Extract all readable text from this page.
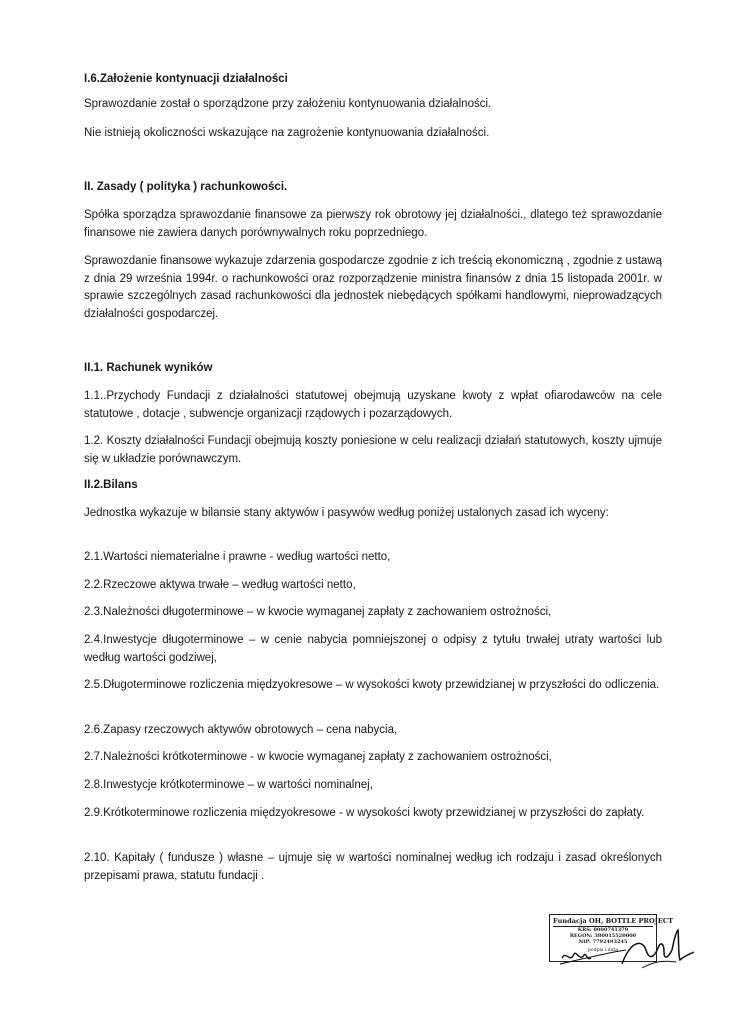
I.6.Założenie kontynuacji działalności
Sprawozdanie został o sporządzone przy założeniu kontynuowania działalności.
Nie istnieją okoliczności wskazujące na zagrożenie kontynuowania działalności.
II. Zasady ( polityka ) rachunkowości.
Spółka sporządza sprawozdanie finansowe za pierwszy rok obrotowy jej działalności., dlatego też sprawozdanie finansowe nie zawiera danych porównywalnych roku poprzedniego.
Sprawozdanie finansowe wykazuje zdarzenia gospodarcze zgodnie z ich treścią ekonomiczną , zgodnie z ustawą z dnia 29 września 1994r. o rachunkowości oraz rozporządzenie ministra finansów z dnia 15 listopada 2001r. w sprawie szczególnych zasad rachunkowości dla jednostek niebędących spółkami handlowymi, nieprowadzących działalności gospodarczej.
II.1. Rachunek wyników
1.1..Przychody Fundacji z działalności statutowej obejmują uzyskane kwoty z wpłat ofiarodawców na cele statutowe , dotacje , subwencje organizacji rządowych i pozarządowych.
1.2. Koszty działalności Fundacji obejmują koszty poniesione w celu realizacji działań statutowych, koszty ujmuje się w układzie porównawczym.
II.2.Bilans
Jednostka wykazuje w bilansie stany aktywów i pasywów według poniżej ustalonych zasad ich wyceny:
2.1.Wartości niematerialne i prawne - według wartości netto,
2.2.Rzeczowe aktywa trwałe – według wartości netto,
2.3.Należności długoterminowe – w kwocie wymaganej zapłaty z zachowaniem ostrożności,
2.4.Inwestycje długoterminowe – w cenie nabycia pomniejszonej o odpisy z tytułu trwałej utraty wartości lub według wartości godziwej,
2.5.Długoterminowe rozliczenia międzyokresowe – w wysokości kwoty przewidzianej w przyszłości do odliczenia.
2.6.Zapasy rzeczowych aktywów obrotowych – cena nabycia,
2.7.Należności krótkoterminowe - w kwocie wymaganej zapłaty z zachowaniem ostrożności,
2.8.Inwestycje krótkoterminowe – w wartości nominalnej,
2.9.Krótkoterminowe rozliczenia międzyokresowe - w wysokości kwoty przewidzianej w przyszłości do zapłaty.
2.10. Kapitały ( fundusze ) własne – ujmuje się w wartości nominalnej według ich rodzaju i zasad określonych przepisami prawa, statutu fundacji .
Fundacja OH, BOTTLE PROJECT
KRS: 0000741379
REGON: 380015520000
NIP: 7792493245
podpis i data
